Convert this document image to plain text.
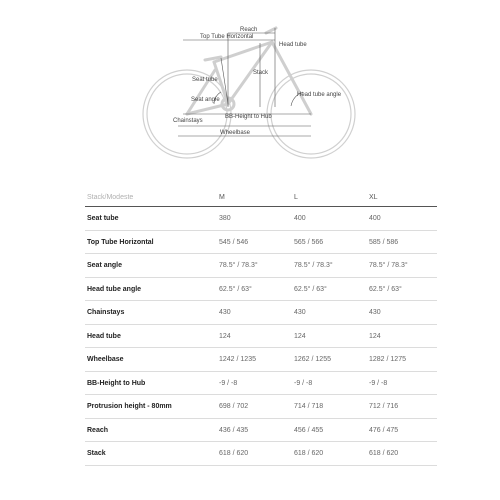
Reach
Top Tube Horizontal
Head tube
Stack
Seat tube
Seat angle
Head tube angle
Chainstays
BB-Height to Hub
Wheelbase
Stack/Modeste	M	L	XL
Seat tube	380	400	400
Top Tube Horizontal	545 / 546	565 / 566	585 / 586
Seat angle	78.5° / 78.3°	78.5° / 78.3°	78.5° / 78.3°
Head tube angle	62.5° / 63°	62.5° / 63°	62.5° / 63°
Chainstays	430	430	430
Head tube	124	124	124
Wheelbase	1242 / 1235	1262 / 1255	1282 / 1275
BB-Height to Hub	-9 / -8	-9 / -8	-9 / -8
Protrusion height - 80mm	698 / 702	714 / 718	712 / 716
Reach	436 / 435	456 / 455	476 / 475
Stack	618 / 620	618 / 620	618 / 620
